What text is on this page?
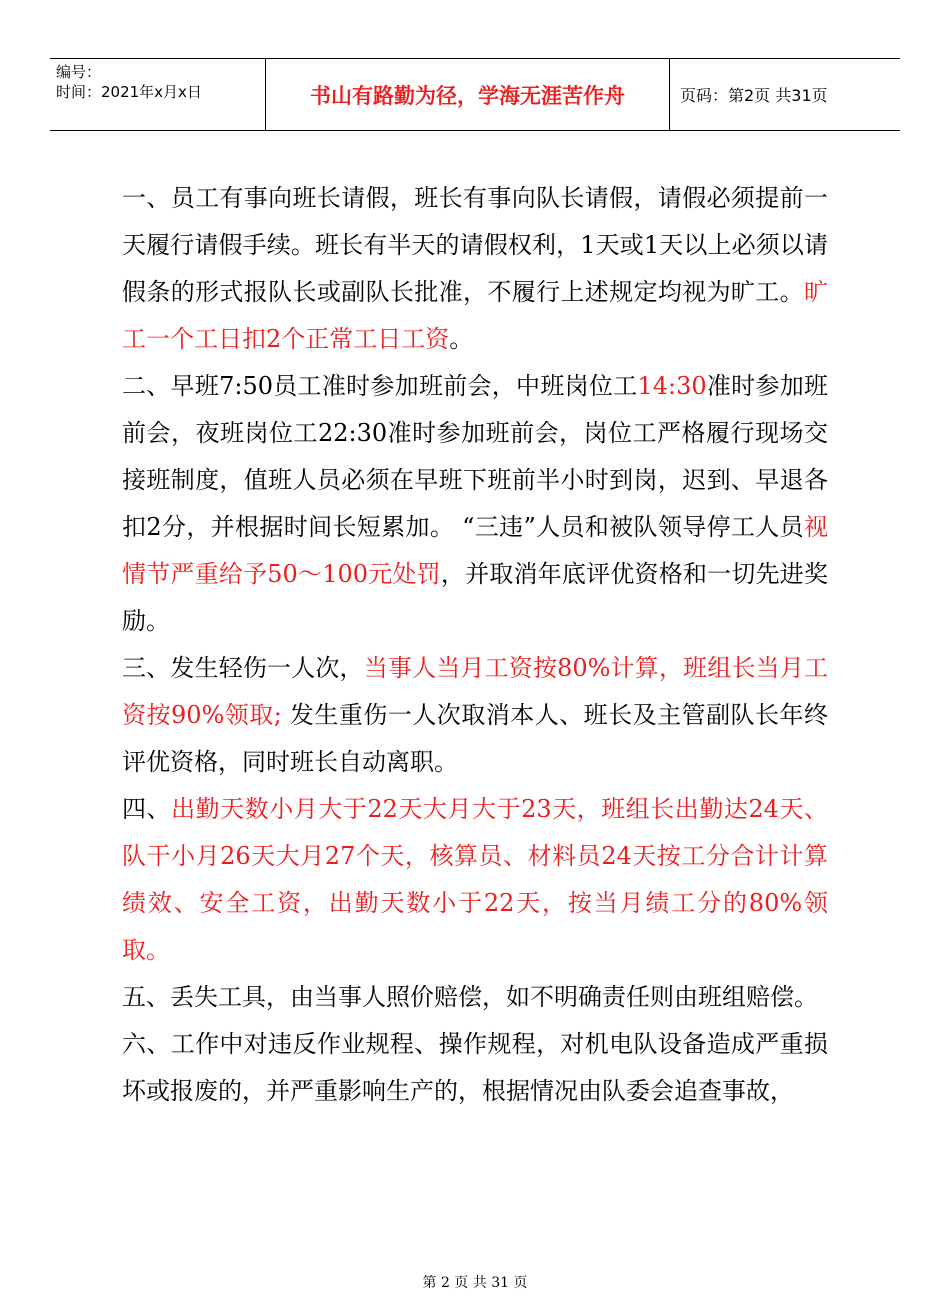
编号：
时间：2021年x月x日	书山有路勤为径，学海无涯苦作舟	页码：第2页 共31页

一、员工有事向班长请假，班长有事向队长请假，请假必须提前一天履行请假手续。班长有半天的请假权利，1天或1天以上必须以请假条的形式报队长或副队长批准，不履行上述规定均视为旷工。旷工一个工日扣2个正常工日工资。

二、早班7:50员工准时参加班前会，中班岗位工14:30准时参加班前会，夜班岗位工22:30准时参加班前会，岗位工严格履行现场交接班制度，值班人员必须在早班下班前半小时到岗，迟到、早退各扣2分，并根据时间长短累加。 “三违”人员和被队领导停工人员视情节严重给予50～100元处罚，并取消年底评优资格和一切先进奖励。

三、发生轻伤一人次，当事人当月工资按80%计算，班组长当月工资按90%领取; 发生重伤一人次取消本人、班长及主管副队长年终评优资格，同时班长自动离职。

四、出勤天数小月大于22天大月大于23天，班组长出勤达24天、队干小月26天大月27个天，核算员、材料员24天按工分合计计算绩效、安全工资，出勤天数小于22天，按当月绩工分的80%领取。

五、丢失工具，由当事人照价赔偿，如不明确责任则由班组赔偿。

六、工作中对违反作业规程、操作规程，对机电队设备造成严重损坏或报废的，并严重影响生产的，根据情况由队委会追查事故，

第 2 页 共 31 页
